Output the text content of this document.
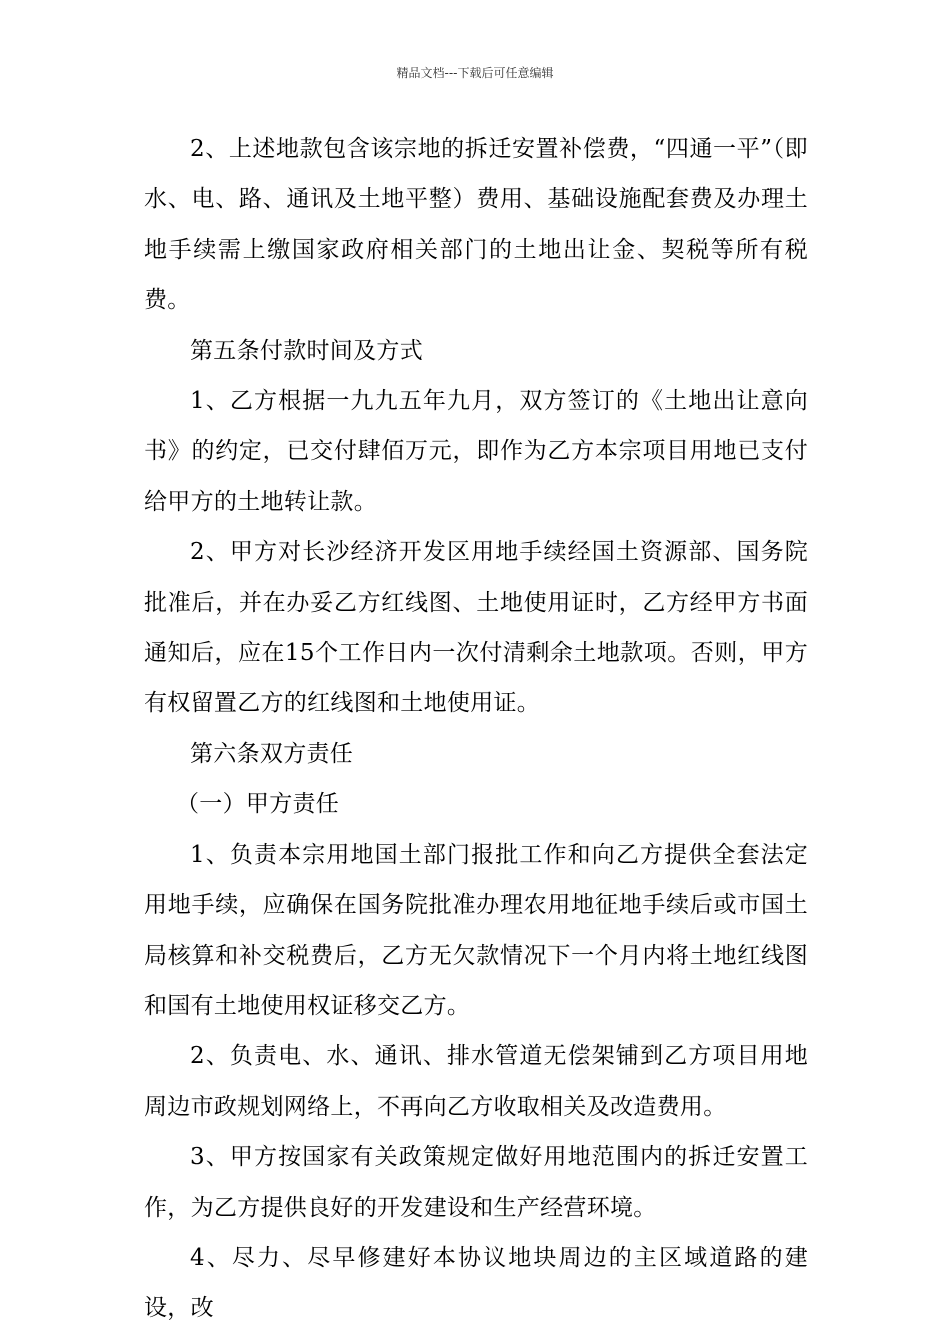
精品文档---下载后可任意编辑

2、上述地款包含该宗地的拆迁安置补偿费，“四通一平”（即水、电、路、通讯及土地平整）费用、基础设施配套费及办理土地手续需上缴国家政府相关部门的土地出让金、契税等所有税费。

第五条付款时间及方式

1、乙方根据一九九五年九月，双方签订的《土地出让意向书》的约定，已交付肆佰万元，即作为乙方本宗项目用地已支付给甲方的土地转让款。

2、甲方对长沙经济开发区用地手续经国土资源部、国务院批准后，并在办妥乙方红线图、土地使用证时，乙方经甲方书面通知后，应在15个工作日内一次付清剩余土地款项。否则，甲方有权留置乙方的红线图和土地使用证。

第六条双方责任

（一）甲方责任

1、负责本宗用地国土部门报批工作和向乙方提供全套法定用地手续，应确保在国务院批准办理农用地征地手续后或市国土局核算和补交税费后，乙方无欠款情况下一个月内将土地红线图和国有土地使用权证移交乙方。

2、负责电、水、通讯、排水管道无偿架铺到乙方项目用地周边市政规划网络上，不再向乙方收取相关及改造费用。

3、甲方按国家有关政策规定做好用地范围内的拆迁安置工作，为乙方提供良好的开发建设和生产经营环境。

4、尽力、尽早修建好本协议地块周边的主区域道路的建设，改
